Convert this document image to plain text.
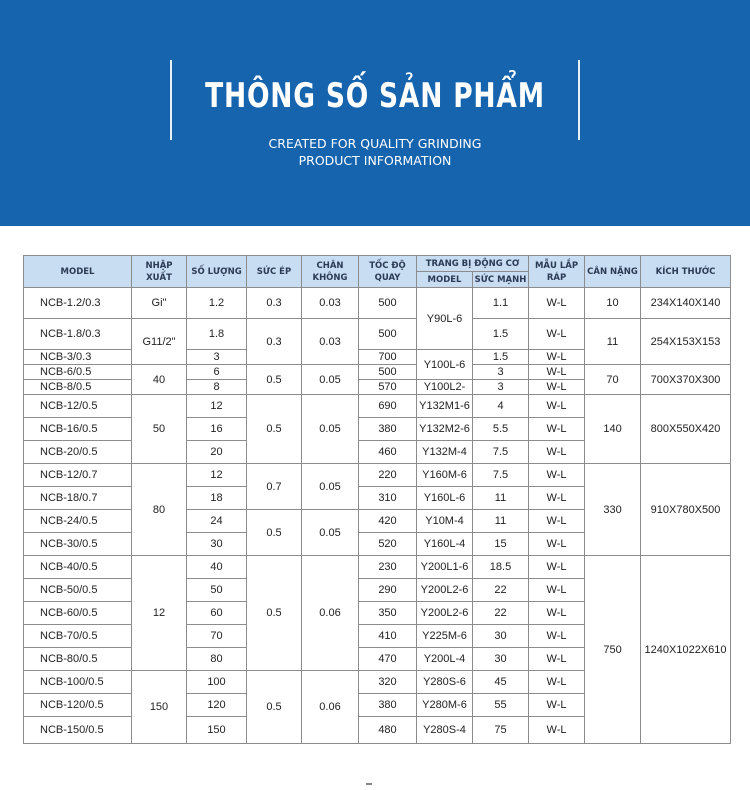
THÔNG SỐ SẢN PHẨM
CREATED FOR QUALITY GRINDING
PRODUCT INFORMATION
MODEL	NHẬP XUẤT	SỐ LƯỢNG	SỨC ÉP	CHÂN KHÔNG	TỐC ĐỘ QUAY	TRANG BỊ ĐỘNG CƠ		MẪU LẮP RÁP	CÂN NẶNG	KÍCH THƯỚC
						MODEL	SỨC MẠNH			
NCB-1.2/0.3	Gi"	1.2	0.3	0.03	500	Y90L-6	1.1	W-L	10	234X140X140
NCB-1.8/0.3	G11/2"	1.8	0.3	0.03	500		1.5	W-L	11	254X153X153
NCB-3/0.3		3			700	Y100L-6	1.5	W-L		
NCB-6/0.5	40	6	0.5	0.05	500		3	W-L	70	700X370X300
NCB-8/0.5		8			570	Y100L2-	3	W-L		
NCB-12/0.5	50	12	0.5	0.05	690	Y132M1-6	4	W-L	140	800X550X420
NCB-16/0.5		16			380	Y132M2-6	5.5	W-L		
NCB-20/0.5		20			460	Y132M-4	7.5	W-L		
NCB-12/0.7	80	12	0.7	0.05	220	Y160M-6	7.5	W-L	330	910X780X500
NCB-18/0.7		18			310	Y160L-6	11	W-L		
NCB-24/0.5		24	0.5	0.05	420	Y10M-4	11	W-L		
NCB-30/0.5		30			520	Y160L-4	15	W-L		
NCB-40/0.5	12	40	0.5	0.06	230	Y200L1-6	18.5	W-L	750	1240X1022X610
NCB-50/0.5		50			290	Y200L2-6	22	W-L		
NCB-60/0.5		60			350	Y200L2-6	22	W-L		
NCB-70/0.5		70			410	Y225M-6	30	W-L		
NCB-80/0.5		80			470	Y200L-4	30	W-L		
NCB-100/0.5	150	100	0.5	0.06	320	Y280S-6	45	W-L		
NCB-120/0.5		120			380	Y280M-6	55	W-L		
NCB-150/0.5		150			480	Y280S-4	75	W-L		
